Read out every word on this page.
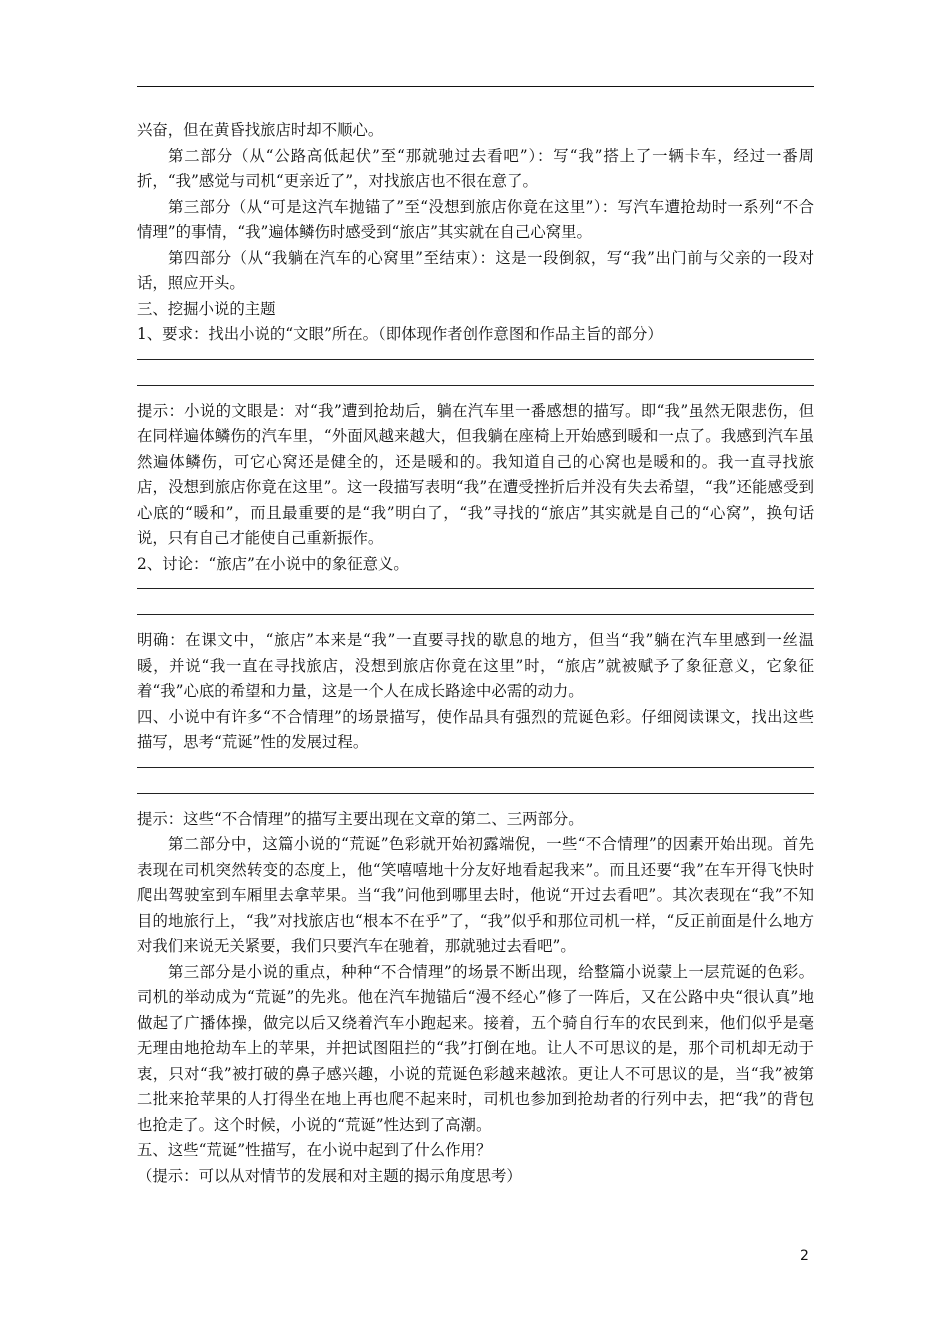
兴奋，但在黄昏找旅店时却不顺心。

第二部分（从“公路高低起伏”至“那就驰过去看吧”）：写“我”搭上了一辆卡车，经过一番周折，“我”感觉与司机“更亲近了”，对找旅店也不很在意了。

第三部分（从“可是这汽车抛锚了”至“没想到旅店你竟在这里”）：写汽车遭抢劫时一系列“不合情理”的事情，“我”遍体鳞伤时感受到“旅店”其实就在自己心窝里。

第四部分（从“我躺在汽车的心窝里”至结束）：这是一段倒叙，写“我”出门前与父亲的一段对话，照应开头。

三、挖掘小说的主题

1、要求：找出小说的“文眼”所在。（即体现作者创作意图和作品主旨的部分）

提示：小说的文眼是：对“我”遭到抢劫后，躺在汽车里一番感想的描写。即“我”虽然无限悲伤，但在同样遍体鳞伤的汽车里，“外面风越来越大，但我躺在座椅上开始感到暖和一点了。我感到汽车虽然遍体鳞伤，可它心窝还是健全的，还是暖和的。我知道自己的心窝也是暖和的。我一直寻找旅店，没想到旅店你竟在这里”。这一段描写表明“我”在遭受挫折后并没有失去希望，“我”还能感受到心底的“暖和”，而且最重要的是“我”明白了，“我”寻找的“旅店”其实就是自己的“心窝”，换句话说，只有自己才能使自己重新振作。

2、讨论：“旅店”在小说中的象征意义。

明确：在课文中，“旅店”本来是“我”一直要寻找的歇息的地方，但当“我”躺在汽车里感到一丝温暖，并说“我一直在寻找旅店，没想到旅店你竟在这里”时，“旅店”就被赋予了象征意义，它象征着“我”心底的希望和力量，这是一个人在成长路途中必需的动力。

四、小说中有许多“不合情理”的场景描写，使作品具有强烈的荒诞色彩。仔细阅读课文，找出这些描写，思考“荒诞”性的发展过程。

提示：这些“不合情理”的描写主要出现在文章的第二、三两部分。

第二部分中，这篇小说的“荒诞”色彩就开始初露端倪，一些“不合情理”的因素开始出现。首先表现在司机突然转变的态度上，他“笑嘻嘻地十分友好地看起我来”。而且还要“我”在车开得飞快时爬出驾驶室到车厢里去拿苹果。当“我”问他到哪里去时，他说“开过去看吧”。其次表现在“我”不知目的地旅行上，“我”对找旅店也“根本不在乎”了，“我”似乎和那位司机一样，“反正前面是什么地方对我们来说无关紧要，我们只要汽车在驰着，那就驰过去看吧”。

第三部分是小说的重点，种种“不合情理”的场景不断出现，给整篇小说蒙上一层荒诞的色彩。司机的举动成为“荒诞”的先兆。他在汽车抛锚后“漫不经心”修了一阵后，又在公路中央“很认真”地做起了广播体操，做完以后又绕着汽车小跑起来。接着，五个骑自行车的农民到来，他们似乎是毫无理由地抢劫车上的苹果，并把试图阻拦的“我”打倒在地。让人不可思议的是，那个司机却无动于衷，只对“我”被打破的鼻子感兴趣，小说的荒诞色彩越来越浓。更让人不可思议的是，当“我”被第二批来抢苹果的人打得坐在地上再也爬不起来时，司机也参加到抢劫者的行列中去，把“我”的背包也抢走了。这个时候，小说的“荒诞”性达到了高潮。

五、这些“荒诞”性描写，在小说中起到了什么作用？

（提示：可以从对情节的发展和对主题的揭示角度思考）

2
